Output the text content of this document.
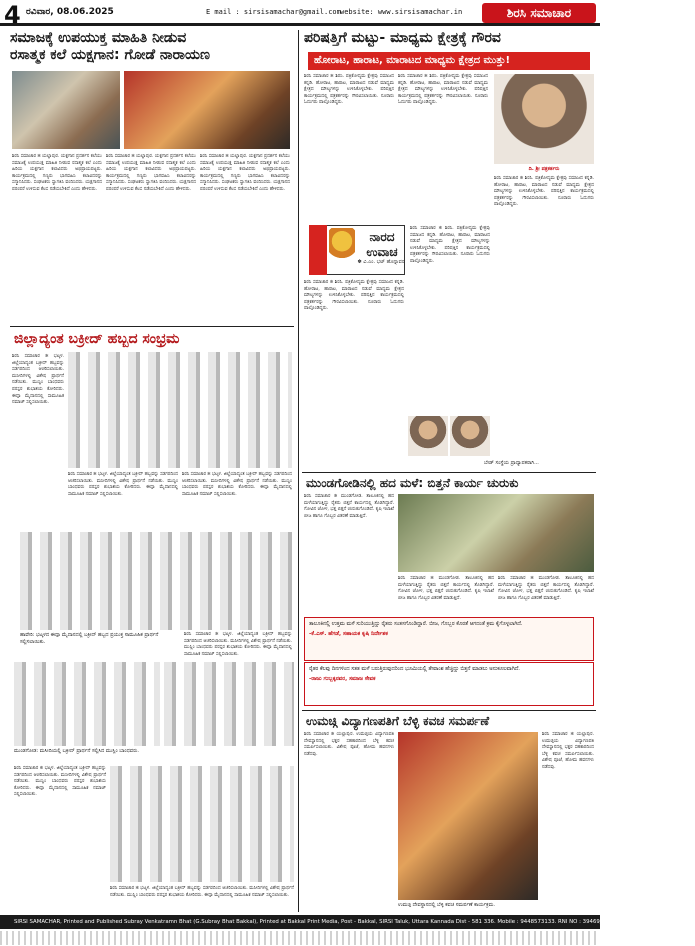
4 ರವಿವಾರ, 08.06.2025	E mail : sirsisamachar@gmail.com website: www.sirsisamachar.in	ಶಿರಸಿ ಸಮಾಚಾರ
ಸಮಾಜಕ್ಕೆ ಉಪಯುಕ್ತ ಮಾಹಿತಿ ನೀಡುವ
ರಸಾತ್ಮಕ ಕಲೆ ಯಕ್ಷಗಾನ: ಗೋಡೆ ನಾರಾಯಣ
ಶಿರಸಿ ಸಮಾಚಾರ ✽ ಯಲ್ಲಾಪುರ. ಯಕ್ಷಗಾನ ಪ್ರದರ್ಶನ ಕಲೆಯು ಸಮಾಜಕ್ಕೆ ಉಪಯುಕ್ತ ಮಾಹಿತಿ ನೀಡುವ ರಸಾತ್ಮಕ ಕಲೆ ಎಂದು ಹಿರಿಯ ಯಕ್ಷಗಾನ ಕಲಾವಿದರು ಅಭಿಪ್ರಾಯಪಟ್ಟರು. ಕಾರ್ಯಕ್ರಮದಲ್ಲಿ ಗಣ್ಯರು ಭಾಗವಹಿಸಿ ಕಲಾವಿದರನ್ನು ಸನ್ಮಾನಿಸಿದರು. ಸಂಘಟಕರು ಸ್ವಾಗತಿಸಿ ವಂದಿಸಿದರು. ಯಕ್ಷಗಾನದ ಪರಂಪರೆ ಉಳಿಸುವ ಕೆಲಸ ನಡೆಯಬೇಕಿದೆ ಎಂದು ಹೇಳಿದರು.
ಶಿರಸಿ ಸಮಾಚಾರ ✽ ಯಲ್ಲಾಪುರ. ಯಕ್ಷಗಾನ ಪ್ರದರ್ಶನ ಕಲೆಯು ಸಮಾಜಕ್ಕೆ ಉಪಯುಕ್ತ ಮಾಹಿತಿ ನೀಡುವ ರಸಾತ್ಮಕ ಕಲೆ ಎಂದು ಹಿರಿಯ ಯಕ್ಷಗಾನ ಕಲಾವಿದರು ಅಭಿಪ್ರಾಯಪಟ್ಟರು. ಕಾರ್ಯಕ್ರಮದಲ್ಲಿ ಗಣ್ಯರು ಭಾಗವಹಿಸಿ ಕಲಾವಿದರನ್ನು ಸನ್ಮಾನಿಸಿದರು. ಸಂಘಟಕರು ಸ್ವಾಗತಿಸಿ ವಂದಿಸಿದರು. ಯಕ್ಷಗಾನದ ಪರಂಪರೆ ಉಳಿಸುವ ಕೆಲಸ ನಡೆಯಬೇಕಿದೆ ಎಂದು ಹೇಳಿದರು.
ಶಿರಸಿ ಸಮಾಚಾರ ✽ ಯಲ್ಲಾಪುರ. ಯಕ್ಷಗಾನ ಪ್ರದರ್ಶನ ಕಲೆಯು ಸಮಾಜಕ್ಕೆ ಉಪಯುಕ್ತ ಮಾಹಿತಿ ನೀಡುವ ರಸಾತ್ಮಕ ಕಲೆ ಎಂದು ಹಿರಿಯ ಯಕ್ಷಗಾನ ಕಲಾವಿದರು ಅಭಿಪ್ರಾಯಪಟ್ಟರು. ಕಾರ್ಯಕ್ರಮದಲ್ಲಿ ಗಣ್ಯರು ಭಾಗವಹಿಸಿ ಕಲಾವಿದರನ್ನು ಸನ್ಮಾನಿಸಿದರು. ಸಂಘಟಕರು ಸ್ವಾಗತಿಸಿ ವಂದಿಸಿದರು. ಯಕ್ಷಗಾನದ ಪರಂಪರೆ ಉಳಿಸುವ ಕೆಲಸ ನಡೆಯಬೇಕಿದೆ ಎಂದು ಹೇಳಿದರು.
ಜಿಲ್ಲಾದ್ಯಂತ ಬಕ್ರೀದ್ ಹಬ್ಬದ ಸಂಭ್ರಮ
ಶಿರಸಿ ಸಮಾಚಾರ ✽ ಭಟ್ಕಳ. ಜಿಲ್ಲೆಯಾದ್ಯಂತ ಬಕ್ರೀದ್ ಹಬ್ಬವನ್ನು ಸಡಗರದಿಂದ ಆಚರಿಸಲಾಯಿತು. ಮಸೀದಿಗಳಲ್ಲಿ ವಿಶೇಷ ಪ್ರಾರ್ಥನೆ ನಡೆಯಿತು. ಮುಸ್ಲಿಂ ಬಾಂಧವರು ಪರಸ್ಪರ ಶುಭಾಶಯ ಕೋರಿದರು. ಈದ್ಗಾ ಮೈದಾನದಲ್ಲಿ ಸಾಮೂಹಿಕ ನಮಾಜ್ ಸಲ್ಲಿಸಲಾಯಿತು.
ಶಿರಸಿ ಸಮಾಚಾರ ✽ ಭಟ್ಕಳ. ಜಿಲ್ಲೆಯಾದ್ಯಂತ ಬಕ್ರೀದ್ ಹಬ್ಬವನ್ನು ಸಡಗರದಿಂದ ಆಚರಿಸಲಾಯಿತು. ಮಸೀದಿಗಳಲ್ಲಿ ವಿಶೇಷ ಪ್ರಾರ್ಥನೆ ನಡೆಯಿತು. ಮುಸ್ಲಿಂ ಬಾಂಧವರು ಪರಸ್ಪರ ಶುಭಾಶಯ ಕೋರಿದರು. ಈದ್ಗಾ ಮೈದಾನದಲ್ಲಿ ಸಾಮೂಹಿಕ ನಮಾಜ್ ಸಲ್ಲಿಸಲಾಯಿತು.
ಶಿರಸಿ ಸಮಾಚಾರ ✽ ಭಟ್ಕಳ. ಜಿಲ್ಲೆಯಾದ್ಯಂತ ಬಕ್ರೀದ್ ಹಬ್ಬವನ್ನು ಸಡಗರದಿಂದ ಆಚರಿಸಲಾಯಿತು. ಮಸೀದಿಗಳಲ್ಲಿ ವಿಶೇಷ ಪ್ರಾರ್ಥನೆ ನಡೆಯಿತು. ಮುಸ್ಲಿಂ ಬಾಂಧವರು ಪರಸ್ಪರ ಶುಭಾಶಯ ಕೋರಿದರು. ಈದ್ಗಾ ಮೈದಾನದಲ್ಲಿ ಸಾಮೂಹಿಕ ನಮಾಜ್ ಸಲ್ಲಿಸಲಾಯಿತು.
ಹಾವೇರಿ: ಭಟ್ಕಳದ ಈದ್ಗಾ ಮೈದಾನದಲ್ಲಿ ಬಕ್ರೀದ್ ಹಬ್ಬದ ಪ್ರಯುಕ್ತ ಸಾಮೂಹಿಕ ಪ್ರಾರ್ಥನೆ ಸಲ್ಲಿಸಲಾಯಿತು.
ಶಿರಸಿ ಸಮಾಚಾರ ✽ ಭಟ್ಕಳ. ಜಿಲ್ಲೆಯಾದ್ಯಂತ ಬಕ್ರೀದ್ ಹಬ್ಬವನ್ನು ಸಡಗರದಿಂದ ಆಚರಿಸಲಾಯಿತು. ಮಸೀದಿಗಳಲ್ಲಿ ವಿಶೇಷ ಪ್ರಾರ್ಥನೆ ನಡೆಯಿತು. ಮುಸ್ಲಿಂ ಬಾಂಧವರು ಪರಸ್ಪರ ಶುಭಾಶಯ ಕೋರಿದರು. ಈದ್ಗಾ ಮೈದಾನದಲ್ಲಿ ಸಾಮೂಹಿಕ ನಮಾಜ್ ಸಲ್ಲಿಸಲಾಯಿತು.
ಮುಂಡಗೋಡ: ಮಸೀದಿಯಲ್ಲಿ ಬಕ್ರೀದ್ ಪ್ರಾರ್ಥನೆ ಸಲ್ಲಿಸಿದ ಮುಸ್ಲಿಂ ಬಾಂಧವರು.
ಶಿರಸಿ ಸಮಾಚಾರ ✽ ಭಟ್ಕಳ. ಜಿಲ್ಲೆಯಾದ್ಯಂತ ಬಕ್ರೀದ್ ಹಬ್ಬವನ್ನು ಸಡಗರದಿಂದ ಆಚರಿಸಲಾಯಿತು. ಮಸೀದಿಗಳಲ್ಲಿ ವಿಶೇಷ ಪ್ರಾರ್ಥನೆ ನಡೆಯಿತು. ಮುಸ್ಲಿಂ ಬಾಂಧವರು ಪರಸ್ಪರ ಶುಭಾಶಯ ಕೋರಿದರು. ಈದ್ಗಾ ಮೈದಾನದಲ್ಲಿ ಸಾಮೂಹಿಕ ನಮಾಜ್ ಸಲ್ಲಿಸಲಾಯಿತು.
ಶಿರಸಿ ಸಮಾಚಾರ ✽ ಭಟ್ಕಳ. ಜಿಲ್ಲೆಯಾದ್ಯಂತ ಬಕ್ರೀದ್ ಹಬ್ಬವನ್ನು ಸಡಗರದಿಂದ ಆಚರಿಸಲಾಯಿತು. ಮಸೀದಿಗಳಲ್ಲಿ ವಿಶೇಷ ಪ್ರಾರ್ಥನೆ ನಡೆಯಿತು. ಮುಸ್ಲಿಂ ಬಾಂಧವರು ಪರಸ್ಪರ ಶುಭಾಶಯ ಕೋರಿದರು. ಈದ್ಗಾ ಮೈದಾನದಲ್ಲಿ ಸಾಮೂಹಿಕ ನಮಾಜ್ ಸಲ್ಲಿಸಲಾಯಿತು.
ಪರಿಷತ್ತಿಗೆ ಮಟ್ಟು- ಮಾಧ್ಯಮ ಕ್ಷೇತ್ರಕ್ಕೆ ಗೌರವ
ಹೋರಾಟ, ಹಾರಾಟ, ಮಾರಾಟದ ಮಾಧ್ಯಮ ಕ್ಷೇತ್ರದ ಮುತ್ತು!
ಶಿರಸಿ ಸಮಾಚಾರ ✽ ಶಿರಸಿ. ಪತ್ರಿಕೋದ್ಯಮ ಕ್ಷೇತ್ರವು ಸಮಾಜದ ಕನ್ನಡಿ. ಹೋರಾಟ, ಹಾರಾಟ, ಮಾರಾಟದ ನಡುವೆ ಮಾಧ್ಯಮ ಕ್ಷೇತ್ರದ ಮೌಲ್ಯಗಳನ್ನು ಉಳಿಸಿಕೊಳ್ಳಬೇಕು. ಪರಿಷತ್ತಿನ ಕಾರ್ಯಕ್ರಮದಲ್ಲಿ ಪತ್ರಕರ್ತರನ್ನು ಗೌರವಿಸಲಾಯಿತು. ನೂರಾರು ಓದುಗರು ಪಾಲ್ಗೊಂಡಿದ್ದರು.
ಶಿರಸಿ ಸಮಾಚಾರ ✽ ಶಿರಸಿ. ಪತ್ರಿಕೋದ್ಯಮ ಕ್ಷೇತ್ರವು ಸಮಾಜದ ಕನ್ನಡಿ. ಹೋರಾಟ, ಹಾರಾಟ, ಮಾರಾಟದ ನಡುವೆ ಮಾಧ್ಯಮ ಕ್ಷೇತ್ರದ ಮೌಲ್ಯಗಳನ್ನು ಉಳಿಸಿಕೊಳ್ಳಬೇಕು. ಪರಿಷತ್ತಿನ ಕಾರ್ಯಕ್ರಮದಲ್ಲಿ ಪತ್ರಕರ್ತರನ್ನು ಗೌರವಿಸಲಾಯಿತು. ನೂರಾರು ಓದುಗರು ಪಾಲ್ಗೊಂಡಿದ್ದರು.
ದಿ. ಶ್ರೀ ಪತ್ರಕರ್ತರು
ಶಿರಸಿ ಸಮಾಚಾರ ✽ ಶಿರಸಿ. ಪತ್ರಿಕೋದ್ಯಮ ಕ್ಷೇತ್ರವು ಸಮಾಜದ ಕನ್ನಡಿ. ಹೋರಾಟ, ಹಾರಾಟ, ಮಾರಾಟದ ನಡುವೆ ಮಾಧ್ಯಮ ಕ್ಷೇತ್ರದ ಮೌಲ್ಯಗಳನ್ನು ಉಳಿಸಿಕೊಳ್ಳಬೇಕು. ಪರಿಷತ್ತಿನ ಕಾರ್ಯಕ್ರಮದಲ್ಲಿ ಪತ್ರಕರ್ತರನ್ನು ಗೌರವಿಸಲಾಯಿತು. ನೂರಾರು ಓದುಗರು ಪಾಲ್ಗೊಂಡಿದ್ದರು.
ನಾರದ ಉವಾಚ
✽ ವಿ.ಎಂ. ಭಟ್ ಹೊನ್ನಾವರ
ಶಿರಸಿ ಸಮಾಚಾರ ✽ ಶಿರಸಿ. ಪತ್ರಿಕೋದ್ಯಮ ಕ್ಷೇತ್ರವು ಸಮಾಜದ ಕನ್ನಡಿ. ಹೋರಾಟ, ಹಾರಾಟ, ಮಾರಾಟದ ನಡುವೆ ಮಾಧ್ಯಮ ಕ್ಷೇತ್ರದ ಮೌಲ್ಯಗಳನ್ನು ಉಳಿಸಿಕೊಳ್ಳಬೇಕು. ಪರಿಷತ್ತಿನ ಕಾರ್ಯಕ್ರಮದಲ್ಲಿ ಪತ್ರಕರ್ತರನ್ನು ಗೌರವಿಸಲಾಯಿತು. ನೂರಾರು ಓದುಗರು ಪಾಲ್ಗೊಂಡಿದ್ದರು.
ಶಿರಸಿ ಸಮಾಚಾರ ✽ ಶಿರಸಿ. ಪತ್ರಿಕೋದ್ಯಮ ಕ್ಷೇತ್ರವು ಸಮಾಜದ ಕನ್ನಡಿ. ಹೋರಾಟ, ಹಾರಾಟ, ಮಾರಾಟದ ನಡುವೆ ಮಾಧ್ಯಮ ಕ್ಷೇತ್ರದ ಮೌಲ್ಯಗಳನ್ನು ಉಳಿಸಿಕೊಳ್ಳಬೇಕು. ಪರಿಷತ್ತಿನ ಕಾರ್ಯಕ್ರಮದಲ್ಲಿ ಪತ್ರಕರ್ತರನ್ನು ಗೌರವಿಸಲಾಯಿತು. ನೂರಾರು ಓದುಗರು ಪಾಲ್ಗೊಂಡಿದ್ದರು.
ಬೇಡ್ ಸಂಸ್ಥೆಯ ಪ್ರಾಧ್ಯಾಪಕರಾಗಿ...
ಮುಂಡಗೋಡಿನಲ್ಲಿ ಹದ ಮಳೆ: ಬಿತ್ತನೆ ಕಾರ್ಯ ಚುರುಕು
ಶಿರಸಿ ಸಮಾಚಾರ ✽ ಮುಂಡಗೋಡ. ತಾಲೂಕಿನಲ್ಲಿ ಹದ ಮಳೆಯಾಗುತ್ತಿದ್ದು ರೈತರು ಬಿತ್ತನೆ ಕಾರ್ಯದಲ್ಲಿ ತೊಡಗಿದ್ದಾರೆ. ಗೋವಿನ ಜೋಳ, ಭತ್ತ ಬಿತ್ತನೆ ಚುರುಕುಗೊಂಡಿದೆ. ಕೃಷಿ ಇಲಾಖೆ ಬೀಜ ಹಾಗೂ ಗೊಬ್ಬರ ವಿತರಣೆ ಮಾಡುತ್ತಿದೆ.
ಶಿರಸಿ ಸಮಾಚಾರ ✽ ಮುಂಡಗೋಡ. ತಾಲೂಕಿನಲ್ಲಿ ಹದ ಮಳೆಯಾಗುತ್ತಿದ್ದು ರೈತರು ಬಿತ್ತನೆ ಕಾರ್ಯದಲ್ಲಿ ತೊಡಗಿದ್ದಾರೆ. ಗೋವಿನ ಜೋಳ, ಭತ್ತ ಬಿತ್ತನೆ ಚುರುಕುಗೊಂಡಿದೆ. ಕೃಷಿ ಇಲಾಖೆ ಬೀಜ ಹಾಗೂ ಗೊಬ್ಬರ ವಿತರಣೆ ಮಾಡುತ್ತಿದೆ.
ಶಿರಸಿ ಸಮಾಚಾರ ✽ ಮುಂಡಗೋಡ. ತಾಲೂಕಿನಲ್ಲಿ ಹದ ಮಳೆಯಾಗುತ್ತಿದ್ದು ರೈತರು ಬಿತ್ತನೆ ಕಾರ್ಯದಲ್ಲಿ ತೊಡಗಿದ್ದಾರೆ. ಗೋವಿನ ಜೋಳ, ಭತ್ತ ಬಿತ್ತನೆ ಚುರುಕುಗೊಂಡಿದೆ. ಕೃಷಿ ಇಲಾಖೆ ಬೀಜ ಹಾಗೂ ಗೊಬ್ಬರ ವಿತರಣೆ ಮಾಡುತ್ತಿದೆ.
ತಾಲೂಕಿನಲ್ಲಿ ಉತ್ತಮ ಮಳೆ ಸುರಿಯುತ್ತಿದ್ದು ರೈತರು ಸಂತಸಗೊಂಡಿದ್ದಾರೆ. ಬೀಜ, ಗೊಬ್ಬರ ಕೊರತೆ ಆಗದಂತೆ ಕ್ರಮ ಕೈಗೊಳ್ಳಲಾಗಿದೆ.
-ಕೆ.ಎಸ್. ಹೆಗಡೆ, ಸಹಾಯಕ ಕೃಷಿ ನಿರ್ದೇಶಕ
ರೈತರ ಕೆಲವು ದಿನಗಳಿಂದ ಸತತ ಮಳೆ ಬರುತ್ತಿರುವುದರಿಂದ ಭೂಮಿಯಲ್ಲಿ ತೇವಾಂಶ ಹೆಚ್ಚಿದ್ದು ಬಿತ್ತನೆ ಮಾಡಲು ಅನುಕೂಲವಾಗಿದೆ.
-ರಾಜು ಗುಬ್ಬಕ್ಕನವರ, ಸಮಾಜ ಸೇವಕ
ಉಮಚ್ಗಿ ವಿದ್ಯಾಗಣಪತಿಗೆ ಬೆಳ್ಳಿ ಕವಚ ಸಮರ್ಪಣೆ
ಶಿರಸಿ ಸಮಾಚಾರ ✽ ಯಲ್ಲಾಪುರ. ಉಮಚ್ಗಿಯ ವಿದ್ಯಾಗಣಪತಿ ದೇವಸ್ಥಾನದಲ್ಲಿ ಭಕ್ತರ ಸಹಕಾರದಿಂದ ಬೆಳ್ಳಿ ಕವಚ ಸಮರ್ಪಿಸಲಾಯಿತು. ವಿಶೇಷ ಪೂಜೆ, ಹೋಮ ಹವನಗಳು ನಡೆದವು.
ಶಿರಸಿ ಸಮಾಚಾರ ✽ ಯಲ್ಲಾಪುರ. ಉಮಚ್ಗಿಯ ವಿದ್ಯಾಗಣಪತಿ ದೇವಸ್ಥಾನದಲ್ಲಿ ಭಕ್ತರ ಸಹಕಾರದಿಂದ ಬೆಳ್ಳಿ ಕವಚ ಸಮರ್ಪಿಸಲಾಯಿತು. ವಿಶೇಷ ಪೂಜೆ, ಹೋಮ ಹವನಗಳು ನಡೆದವು.
ಉಮಚ್ಗಿ ದೇವಸ್ಥಾನದಲ್ಲಿ ಬೆಳ್ಳಿ ಕವಚ ಸಮರ್ಪಣೆ ಕಾರ್ಯಕ್ರಮ.
SIRSI SAMACHAR, Printed and Published Subray Venkatramn Bhat (G.Subray Bhat Bakkal), Printed at Bakkal Print Media, Post - Bakkal, SIRSI Taluk, Uttara Kannada Dist - 581 336. Mobile : 9448573133. RNI NO : 39469/86, Editor : G. Subray Bhat Bakkal.
